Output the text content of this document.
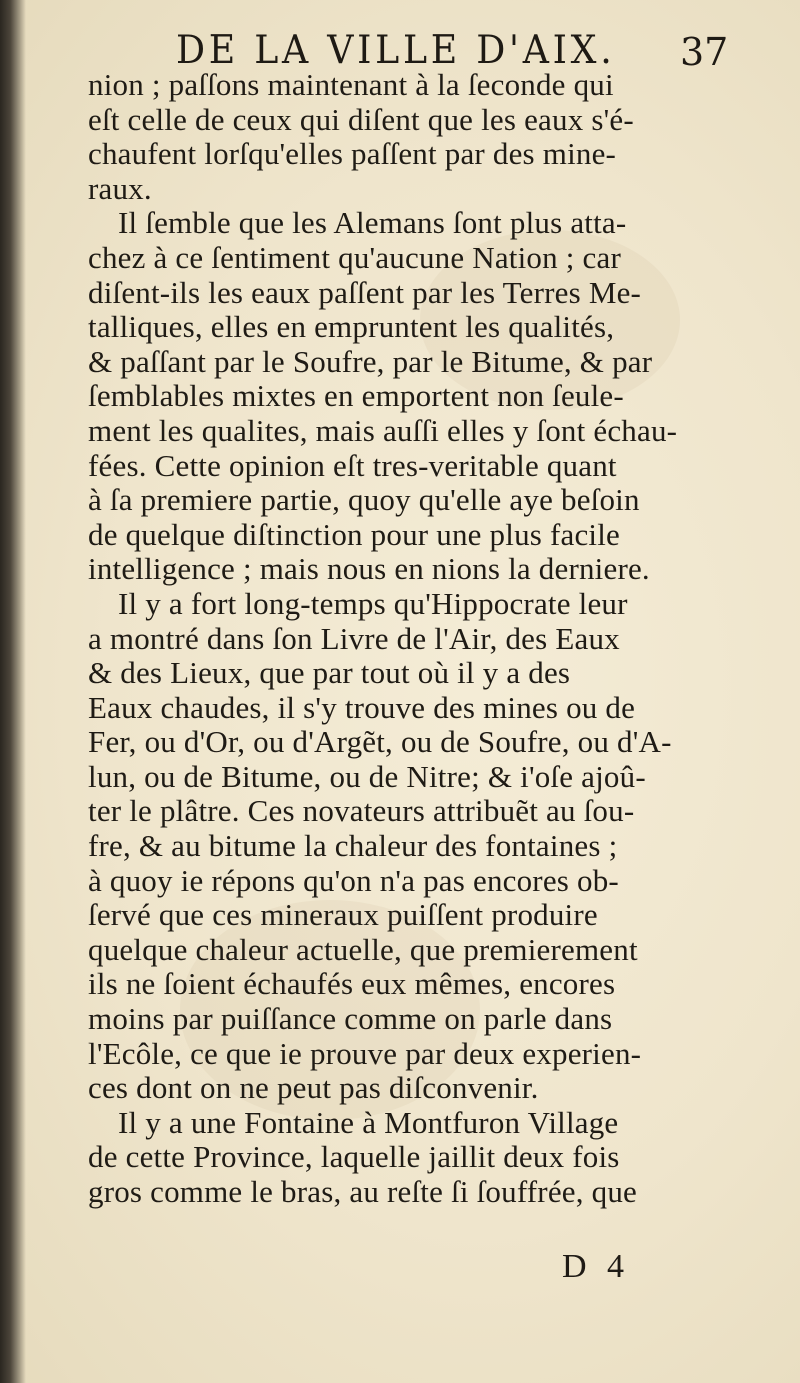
DE LA VILLE D'AIX. 37
nion ; paſſons maintenant à la ſeconde qui
eſt celle de ceux qui diſent que les eaux s'é-
chaufent lorſqu'elles paſſent par des mine-
raux.
Il ſemble que les Alemans ſont plus atta-
chez à ce ſentiment qu'aucune Nation ; car
diſent-ils les eaux paſſent par les Terres Me-
talliques, elles en empruntent les qualités,
& paſſant par le Soufre, par le Bitume, & par
ſemblables mixtes en emportent non ſeule-
ment les qualites, mais auſſi elles y ſont échau-
fées. Cette opinion eſt tres-veritable quant
à ſa premiere partie, quoy qu'elle aye beſoin
de quelque diſtinction pour une plus facile
intelligence ; mais nous en nions la derniere.
Il y a fort long-temps qu'Hippocrate leur
a montré dans ſon Livre de l'Air, des Eaux
& des Lieux, que par tout où il y a des
Eaux chaudes, il s'y trouve des mines ou de
Fer, ou d'Or, ou d'Argẽt, ou de Soufre, ou d'A-
lun, ou de Bitume, ou de Nitre; & i'oſe ajoû-
ter le plâtre. Ces novateurs attribuẽt au ſou-
fre, & au bitume la chaleur des fontaines ;
à quoy ie répons qu'on n'a pas encores ob-
ſervé que ces mineraux puiſſent produire
quelque chaleur actuelle, que premierement
ils ne ſoient échaufés eux mêmes, encores
moins par puiſſance comme on parle dans
l'Ecôle, ce que ie prouve par deux experien-
ces dont on ne peut pas diſconvenir.
Il y a une Fontaine à Montfuron Village
de cette Province, laquelle jaillit deux fois
gros comme le bras, au reſte ſi ſouffrée, que
D 4
